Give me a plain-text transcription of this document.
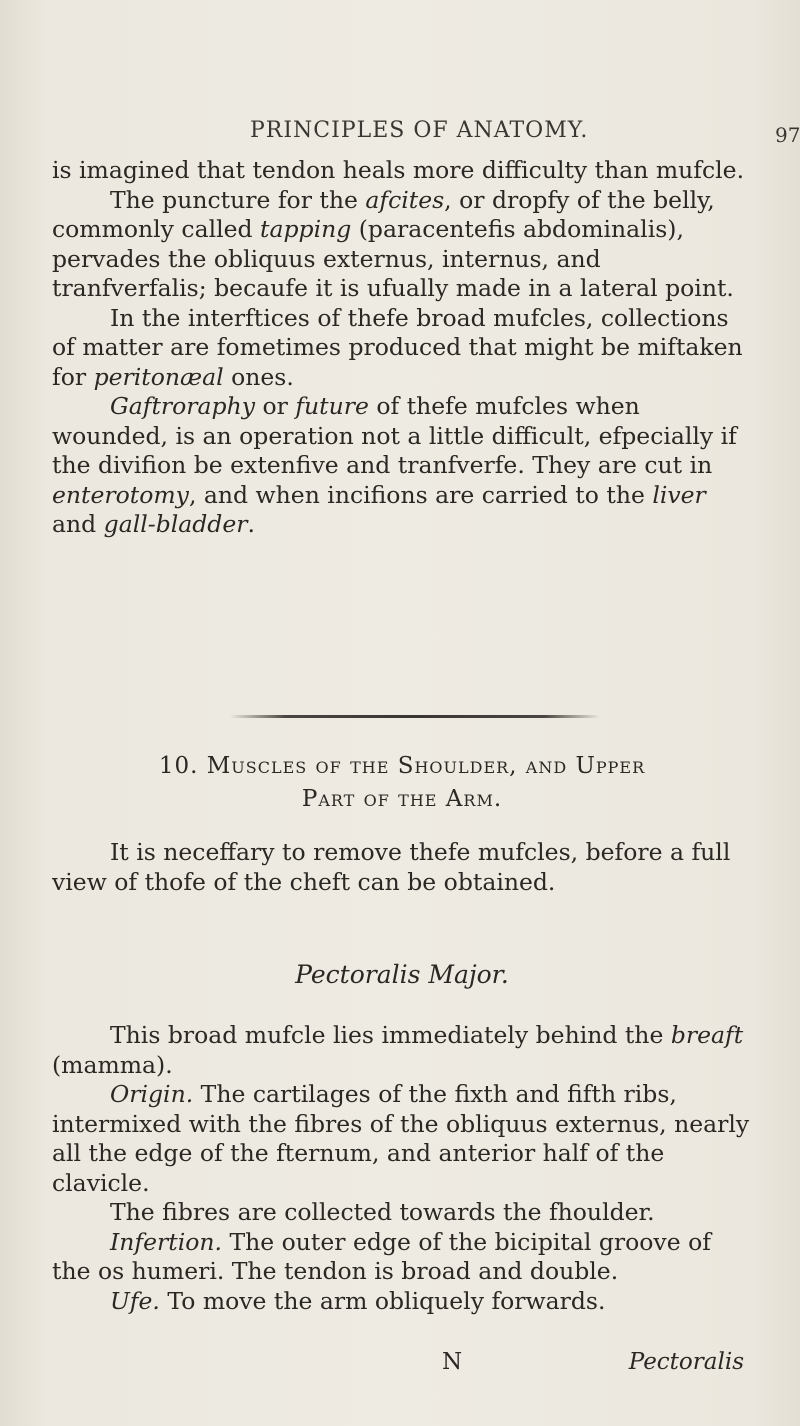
PRINCIPLES OF ANATOMY.	97

is imagined that tendon heals more difficulty than mufcle.

The puncture for the afcites, or dropfy of the belly, commonly called tapping (paracentefis abdominalis), pervades the obliquus externus, internus, and tranfverfalis; becaufe it is ufually made in a lateral point.

In the interftices of thefe broad mufcles, collections of matter are fometimes produced that might be miftaken for peritonæal ones.

Gaftroraphy or future of thefe mufcles when wounded, is an operation not a little difficult, efpecially if the divifion be extenfive and tranfverfe. They are cut in enterotomy, and when incifions are carried to the liver and gall-bladder.

10. Muscles of the Shoulder, and Upper
Part of the Arm.

It is neceffary to remove thefe mufcles, before a full view of thofe of the cheft can be obtained.

Pectoralis Major.

This broad mufcle lies immediately behind the breaft (mamma).

Origin. The cartilages of the fixth and fifth ribs, intermixed with the fibres of the obliquus externus, nearly all the edge of the fternum, and anterior half of the clavicle.

The fibres are collected towards the fhoulder.

Infertion. The outer edge of the bicipital groove of the os humeri. The tendon is broad and double.

Ufe. To move the arm obliquely forwards.

N	Pectoralis
